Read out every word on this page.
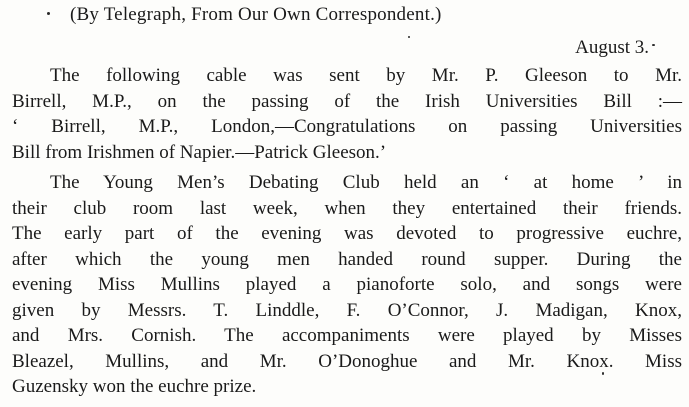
(By Telegraph, From Our Own Correspondent.)
August 3.

The following cable was sent by Mr. P. Gleeson to Mr.
Birrell, M.P., on the passing of the Irish Universities Bill :—
‘ Birrell, M.P., London,—Congratulations on passing Universities
Bill from Irishmen of Napier.—Patrick Gleeson.’

The Young Men’s Debating Club held an ‘ at home ’ in
their club room last week, when they entertained their friends.
The early part of the evening was devoted to progressive euchre,
after which the young men handed round supper. During the
evening Miss Mullins played a pianoforte solo, and songs were
given by Messrs. T. Linddle, F. O’Connor, J. Madigan, Knox,
and Mrs. Cornish. The accompaniments were played by Misses
Bleazel, Mullins, and Mr. O’Donoghue and Mr. Knox. Miss
Guzensky won the euchre prize.
